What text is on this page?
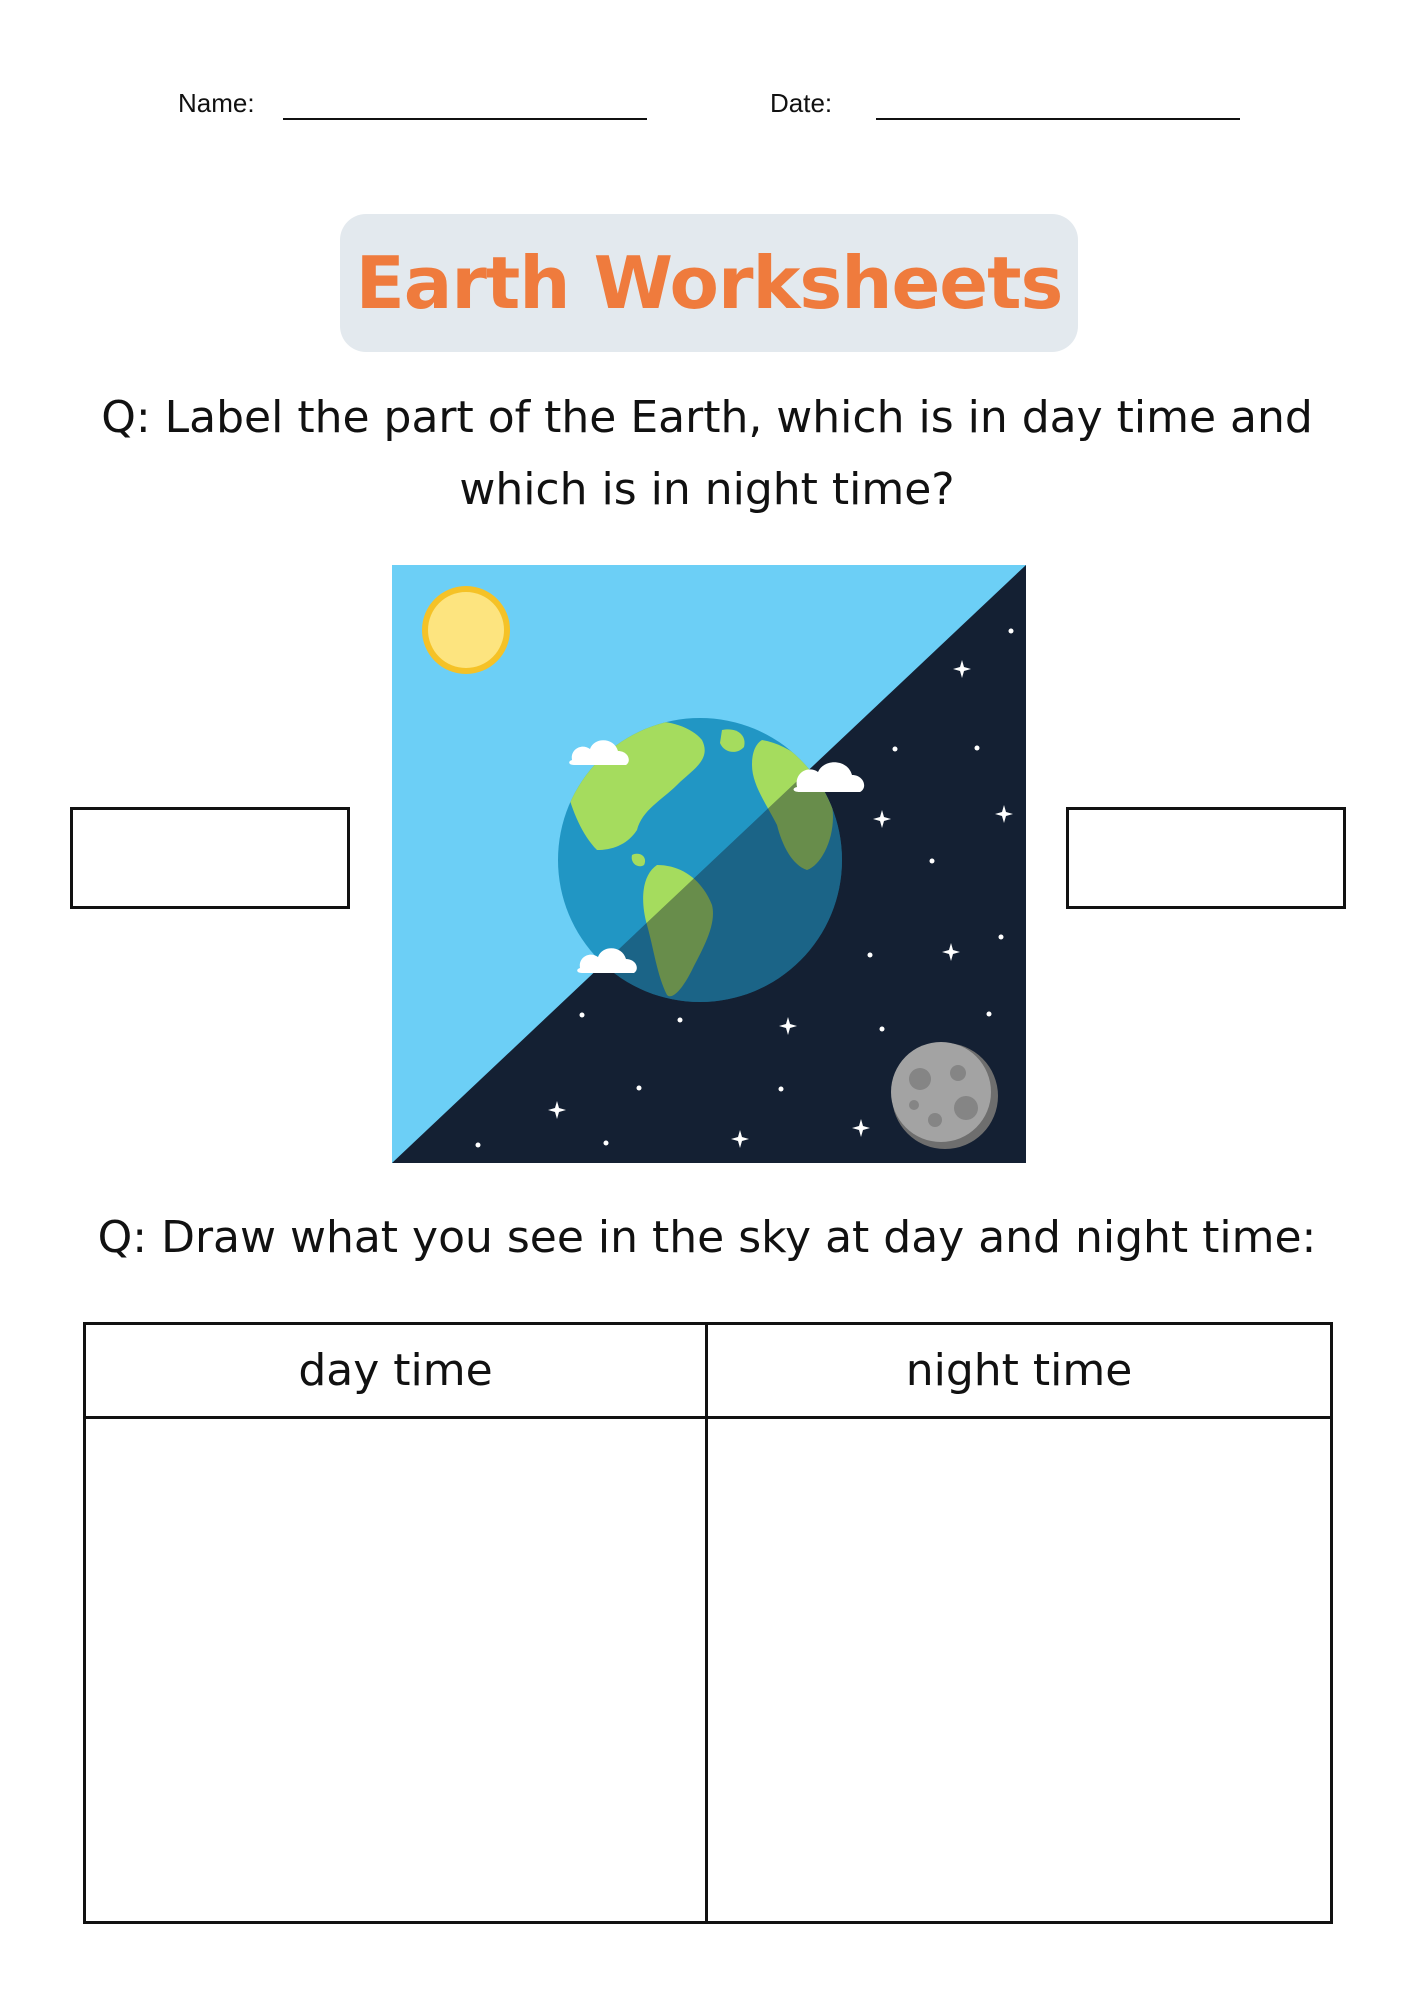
Name:	Date:
Earth Worksheets
Q: Label the part of the Earth, which is in day time and
which is in night time?
Q: Draw what you see in the sky at day and night time:
day time	night time
